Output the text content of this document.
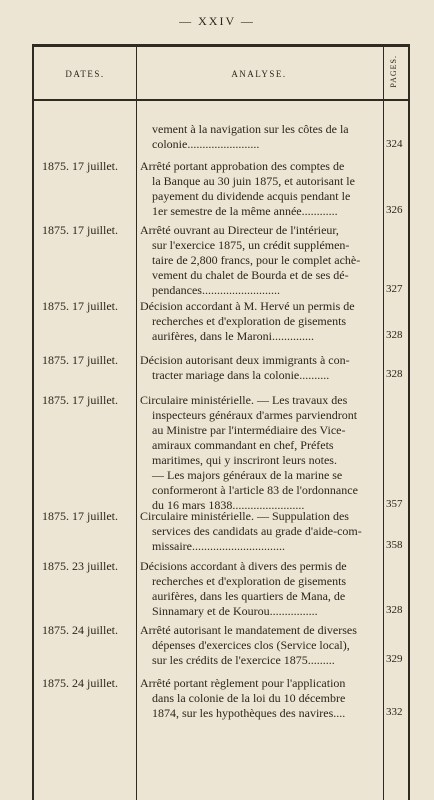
— XXIV —
DATES.	ANALYSE.	PAGES.

vement à la navigation sur les côtes de la
colonie........................	324
1875. 17 juillet.	Arrêté portant approbation des comptes de
la Banque au 30 juin 1875, et autorisant le
payement du dividende acquis pendant le
1er semestre de la même année............	326
1875. 17 juillet.	Arrêté ouvrant au Directeur de l'intérieur,
sur l'exercice 1875, un crédit supplémen-
taire de 2,800 francs, pour le complet achè-
vement du chalet de Bourda et de ses dé-
pendances..........................	327
1875. 17 juillet.	Décision accordant à M. Hervé un permis de
recherches et d'exploration de gisements
aurifères, dans le Maroni..............	328
1875. 17 juillet.	Décision autorisant deux immigrants à con-
tracter mariage dans la colonie..........	328
1875. 17 juillet.	Circulaire ministérielle. — Les travaux des
inspecteurs généraux d'armes parviendront
au Ministre par l'intermédiaire des Vice-
amiraux commandant en chef, Préfets
maritimes, qui y inscriront leurs notes.
— Les majors généraux de la marine se
conformeront à l'article 83 de l'ordonnance
du 16 mars 1838........................	357
1875. 17 juillet.	Circulaire ministérielle. — Suppulation des
services des candidats au grade d'aide-com-
missaire...............................	358
1875. 23 juillet.	Décisions accordant à divers des permis de
recherches et d'exploration de gisements
aurifères, dans les quartiers de Mana, de
Sinnamary et de Kourou................	328
1875. 24 juillet.	Arrêté autorisant le mandatement de diverses
dépenses d'exercices clos (Service local),
sur les crédits de l'exercice 1875.........	329
1875. 24 juillet.	Arrêté portant règlement pour l'application
dans la colonie de la loi du 10 décembre
1874, sur les hypothèques des navires....	332
